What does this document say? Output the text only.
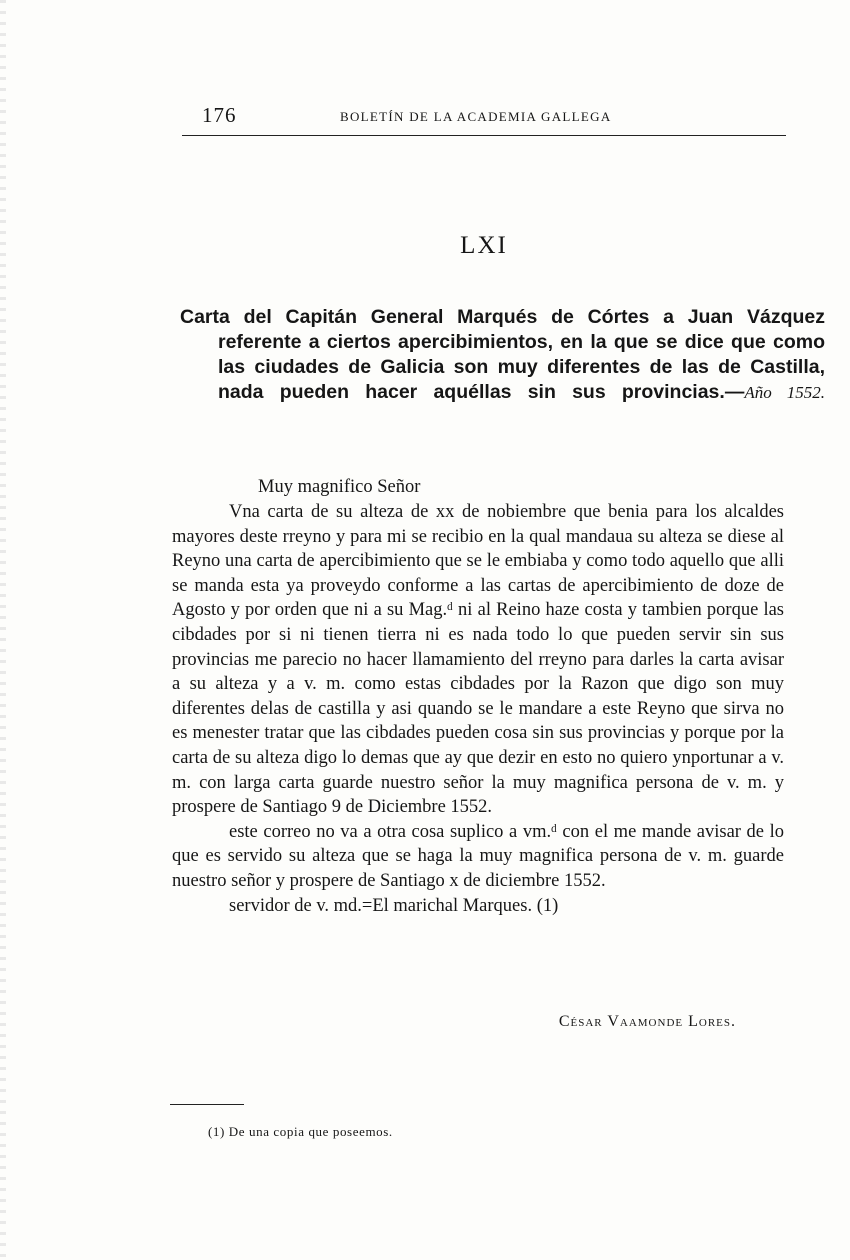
176	BOLETÍN DE LA ACADEMIA GALLEGA
LXI
Carta del Capitán General Marqués de Córtes a Juan Vázquez referente a ciertos apercibimientos, en la que se dice que como las ciudades de Galicia son muy diferentes de las de Castilla, nada pueden hacer aquéllas sin sus provincias.—Año 1552.
Muy magnifico Señor

Vna carta de su alteza de xx de nobiembre que benia para los alcaldes mayores deste rreyno y para mi se recibio en la qual mandaua su alteza se diese al Reyno una carta de apercibimiento que se le embiaba y como todo aquello que alli se manda esta ya proveydo conforme a las cartas de apercibimiento de doze de Agosto y por orden que ni a su Mag.ᵈ ni al Reino haze costa y tambien porque las cibdades por si ni tienen tierra ni es nada todo lo que pueden servir sin sus provincias me parecio no hacer llamamiento del rreyno para darles la carta avisar a su alteza y a v. m. como estas cibdades por la Razon que digo son muy diferentes delas de castilla y asi quando se le mandare a este Reyno que sirva no es menester tratar que las cibdades pueden cosa sin sus provincias y porque por la carta de su alteza digo lo demas que ay que dezir en esto no quiero ynportunar a v. m. con larga carta guarde nuestro señor la muy magnifica persona de v. m. y prospere de Santiago 9 de Diciembre 1552.

este correo no va a otra cosa suplico a vm.ᵈ con el me mande avisar de lo que es servido su alteza que se haga la muy magnifica persona de v. m. guarde nuestro señor y prospere de Santiago x de diciembre 1552.

servidor de v. md.=El marichal Marques. (1)

César Vaamonde Lores.
(1) De una copia que poseemos.
